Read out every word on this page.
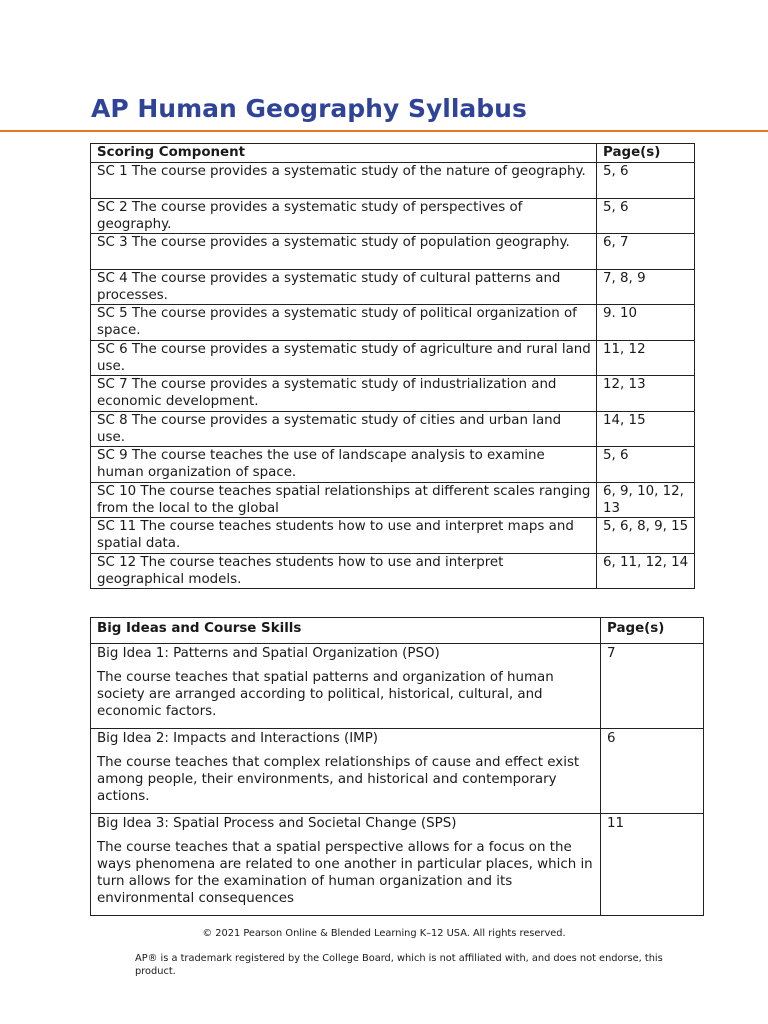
AP Human Geography Syllabus
Scoring Component	Page(s)
SC 1 The course provides a systematic study of the nature of geography.	5, 6
SC 2 The course provides a systematic study of perspectives of geography.	5, 6
SC 3 The course provides a systematic study of population geography.	6, 7
SC 4 The course provides a systematic study of cultural patterns and processes.	7, 8, 9
SC 5 The course provides a systematic study of political organization of space.	9. 10
SC 6 The course provides a systematic study of agriculture and rural land use.	11, 12
SC 7 The course provides a systematic study of industrialization and economic development.	12, 13
SC 8 The course provides a systematic study of cities and urban land use.	14, 15
SC 9 The course teaches the use of landscape analysis to examine human organization of space.	5, 6
SC 10 The course teaches spatial relationships at different scales ranging from the local to the global	6, 9, 10, 12, 13
SC 11 The course teaches students how to use and interpret maps and spatial data.	5, 6, 8, 9, 15
SC 12 The course teaches students how to use and interpret geographical models.	6, 11, 12, 14
Big Ideas and Course Skills	Page(s)

Big Idea 1: Patterns and Spatial Organization (PSO)
The course teaches that spatial patterns and organization of human society are arranged according to political, historical, cultural, and economic factors.	7

Big Idea 2: Impacts and Interactions (IMP)
The course teaches that complex relationships of cause and effect exist among people, their environments, and historical and contemporary actions.	6

Big Idea 3: Spatial Process and Societal Change (SPS)
The course teaches that a spatial perspective allows for a focus on the ways phenomena are related to one another in particular places, which in turn allows for the examination of human organization and its environmental consequences	11

© 2021 Pearson Online & Blended Learning K–12 USA. All rights reserved.

AP® is a trademark registered by the College Board, which is not affiliated with, and does not endorse, this product.
